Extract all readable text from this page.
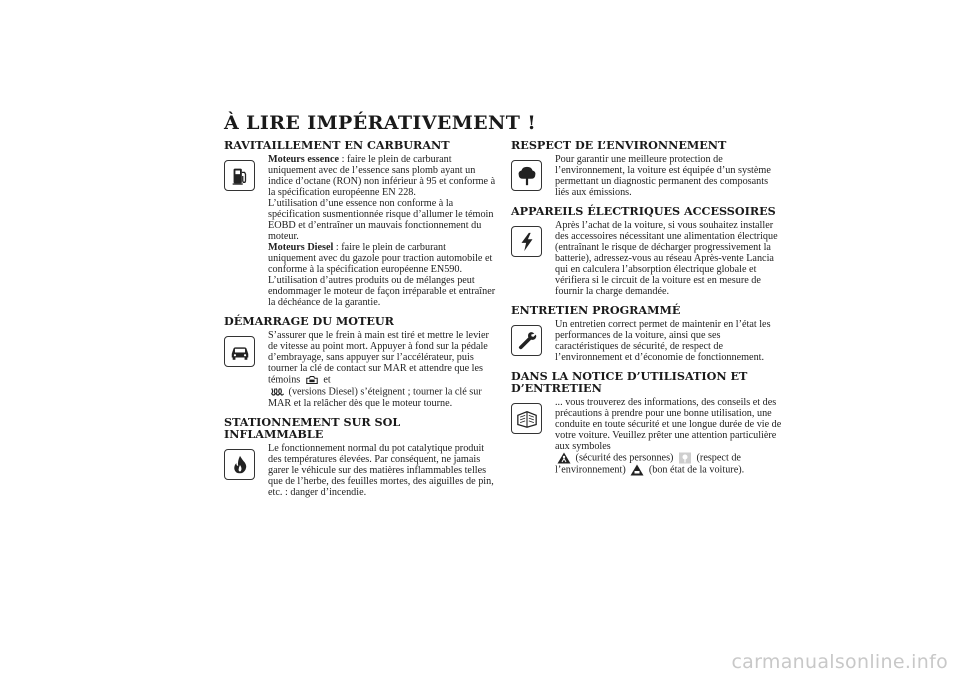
À LIRE IMPÉRATIVEMENT !
RAVITAILLEMENT EN CARBURANT

Moteurs essence : faire le plein de carburant uniquement avec de l’essence sans plomb ayant un indice d’octane (RON) non inférieur à 95 et conforme à la spécification européenne EN 228.

L’utilisation d’une essence non conforme à la spécification susmentionnée risque d’allumer le témoin EOBD et d’entraîner un mauvais fonctionnement du moteur.

Moteurs Diesel : faire le plein de carburant uniquement avec du gazole pour traction automobile et conforme à la spécification européenne EN590. L’utilisation d’autres produits ou de mélanges peut endommager le moteur de façon irréparable et entraîner la déchéance de la garantie.

DÉMARRAGE DU MOTEUR
S’assurer que le frein à main est tiré et mettre le levier de vitesse au point mort. Appuyer à fond sur la pédale d’embrayage, sans appuyer sur l’accélérateur, puis tourner la clé de contact sur MAR et attendre que les témoins et

(versions Diesel) s’éteignent ; tourner la clé sur MAR et la relâcher dès que le moteur tourne.
STATIONNEMENT SUR SOL INFLAMMABLE
Le fonctionnement normal du pot catalytique produit des températures élevées. Par conséquent, ne jamais garer le véhicule sur des matières inflammables telles que de l’herbe, des feuilles mortes, des aiguilles de pin, etc. : danger d’incendie.
RESPECT DE L’ENVIRONNEMENT
Pour garantir une meilleure protection de l’environnement, la voiture est équipée d’un système permettant un diagnostic permanent des composants liés aux émissions.
APPAREILS ÉLECTRIQUES ACCESSOIRES
Après l’achat de la voiture, si vous souhaitez installer des accessoires nécessitant une alimentation électrique (entraînant le risque de décharger progressivement la batterie), adressez-vous au réseau Après-vente Lancia qui en calculera l’absorption électrique globale et vérifiera si le circuit de la voiture est en mesure de fournir la charge demandée.
ENTRETIEN PROGRAMMÉ
Un entretien correct permet de maintenir en l’état les performances de la voiture, ainsi que ses caractéristiques de sécurité, de respect de l’environnement et d’économie de fonctionnement.
DANS LA NOTICE D’UTILISATION ET
D’ENTRETIEN
... vous trouverez des informations, des conseils et des précautions à prendre pour une bonne utilisation, une conduite en toute sécurité et une longue durée de vie de votre voiture. Veuillez prêter une attention particulière aux symboles

(sécurité des personnes) (respect de l’environnement) (bon état de la voiture).
carmanualsonline.info
